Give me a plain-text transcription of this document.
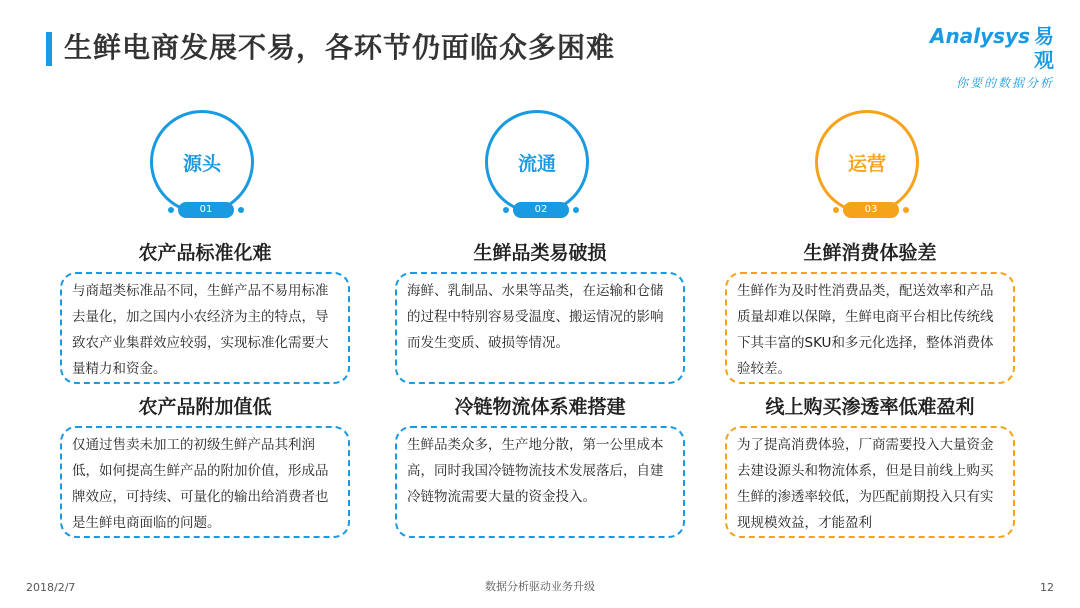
生鲜电商发展不易，各环节仍面临众多困难	Analysys 易观
你要的数据分析
源头
01
农产品标准化难
与商超类标准品不同，生鲜产品不易用标准去量化，加之国内小农经济为主的特点，导致农产业集群效应较弱，实现标准化需要大量精力和资金。
农产品附加值低
仅通过售卖未加工的初级生鲜产品其利润低，如何提高生鲜产品的附加价值，形成品牌效应，可持续、可量化的输出给消费者也是生鲜电商面临的问题。
流通
02
生鲜品类易破损
海鲜、乳制品、水果等品类，在运输和仓储的过程中特别容易受温度、搬运情况的影响而发生变质、破损等情况。
冷链物流体系难搭建
生鲜品类众多，生产地分散，第一公里成本高，同时我国冷链物流技术发展落后，自建冷链物流需要大量的资金投入。
运营
03
生鲜消费体验差
生鲜作为及时性消费品类，配送效率和产品质量却难以保障，生鲜电商平台相比传统线下其丰富的SKU和多元化选择，整体消费体验较差。
线上购买渗透率低难盈利
为了提高消费体验，厂商需要投入大量资金去建设源头和物流体系，但是目前线上购买生鲜的渗透率较低，为匹配前期投入只有实现规模效益，才能盈利
2018/2/7	数据分析驱动业务升级	12
